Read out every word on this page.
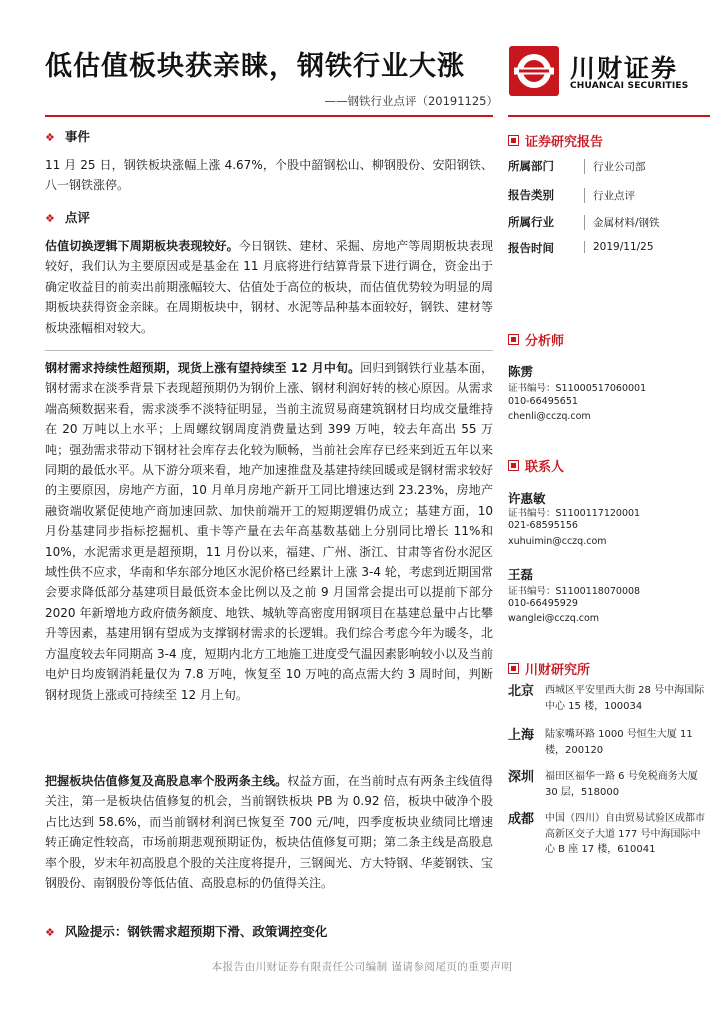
低估值板块获亲睐，钢铁行业大涨
——钢铁行业点评（20191125）
川财证券
CHUANCAI SECURITIES
❖ 事件
11 月 25 日，钢铁板块涨幅上涨 4.67%，个股中韶钢松山、柳钢股份、安阳钢铁、八一钢铁涨停。
❖ 点评
估值切换逻辑下周期板块表现较好。今日钢铁、建材、采掘、房地产等周期板块表现较好，我们认为主要原因或是基金在 11 月底将进行结算背景下进行调仓，资金出于确定收益目的前卖出前期涨幅较大、估值处于高位的板块，而估值优势较为明显的周期板块获得资金亲睐。在周期板块中，钢材、水泥等品种基本面较好，钢铁、建材等板块涨幅相对较大。
钢材需求持续性超预期，现货上涨有望持续至 12 月中旬。回归到钢铁行业基本面，钢材需求在淡季背景下表现超预期仍为钢价上涨、钢材利润好转的核心原因。从需求端高频数据来看，需求淡季不淡特征明显，当前主流贸易商建筑钢材日均成交量维持在 20 万吨以上水平；上周螺纹钢周度消费量达到 399 万吨，较去年高出 55 万吨；强劲需求带动下钢材社会库存去化较为顺畅，当前社会库存已经来到近五年以来同期的最低水平。从下游分项来看，地产加速推盘及基建持续回暖或是钢材需求较好的主要原因，房地产方面，10 月单月房地产新开工同比增速达到 23.23%，房地产融资端收紧促使地产商加速回款、加快前端开工的短期逻辑仍成立；基建方面，10 月份基建同步指标挖掘机、重卡等产量在去年高基数基础上分别同比增长 11%和 10%，水泥需求更是超预期，11 月份以来，福建、广州、浙江、甘肃等省份水泥区域性供不应求，华南和华东部分地区水泥价格已经累计上涨 3-4 轮，考虑到近期国常会要求降低部分基建项目最低资本金比例以及之前 9 月国常会提出可以提前下部分 2020 年新增地方政府债务额度、地铁、城轨等高密度用钢项目在基建总量中占比攀升等因素，基建用钢有望成为支撑钢材需求的长逻辑。我们综合考虑今年为暖冬，北方温度较去年同期高 3-4 度，短期内北方工地施工进度受气温因素影响较小以及当前电炉日均废钢消耗量仅为 7.8 万吨，恢复至 10 万吨的高点需大约 3 周时间，判断钢材现货上涨或可持续至 12 月上旬。
把握板块估值修复及高股息率个股两条主线。权益方面，在当前时点有两条主线值得关注，第一是板块估值修复的机会，当前钢铁板块 PB 为 0.92 倍，板块中破净个股占比达到 58.6%，而当前钢材利润已恢复至 700 元/吨，四季度板块业绩同比增速转正确定性较高，市场前期悲观预期证伪，板块估值修复可期；第二条主线是高股息率个股，岁末年初高股息个股的关注度将提升，三钢闽光、方大特钢、华菱钢铁、宝钢股份、南钢股份等低估值、高股息标的仍值得关注。
❖ 风险提示：钢铁需求超预期下滑、政策调控变化
证券研究报告
所属部门	行业公司部
报告类别	行业点评
所属行业	金属材料/钢铁
报告时间	2019/11/25
分析师
陈雳
证书编号：S1100051706​0001
010-66495651
chenli@cczq.com
联系人
许惠敏
证书编号：S1100117120001
021-68595156
xuhuimin@cczq.com
王磊
证书编号：S1100118070008
010-66495929
wanglei@cczq.com
川财研究所
北京 西城区平安里西大街 28 号中海国际中心 15 楼，100034
上海 陆家嘴环路 1000 号恒生大厦 11 楼，200120
深圳 福田区福华一路 6 号免税商务大厦 30 层，518000
成都 中国（四川）自由贸易试验区成都市高新区交子大道 177 号中海国际中心 B 座 17 楼，610041
本报告由川财证券有限责任公司编制 谨请参阅尾页的重要声明
